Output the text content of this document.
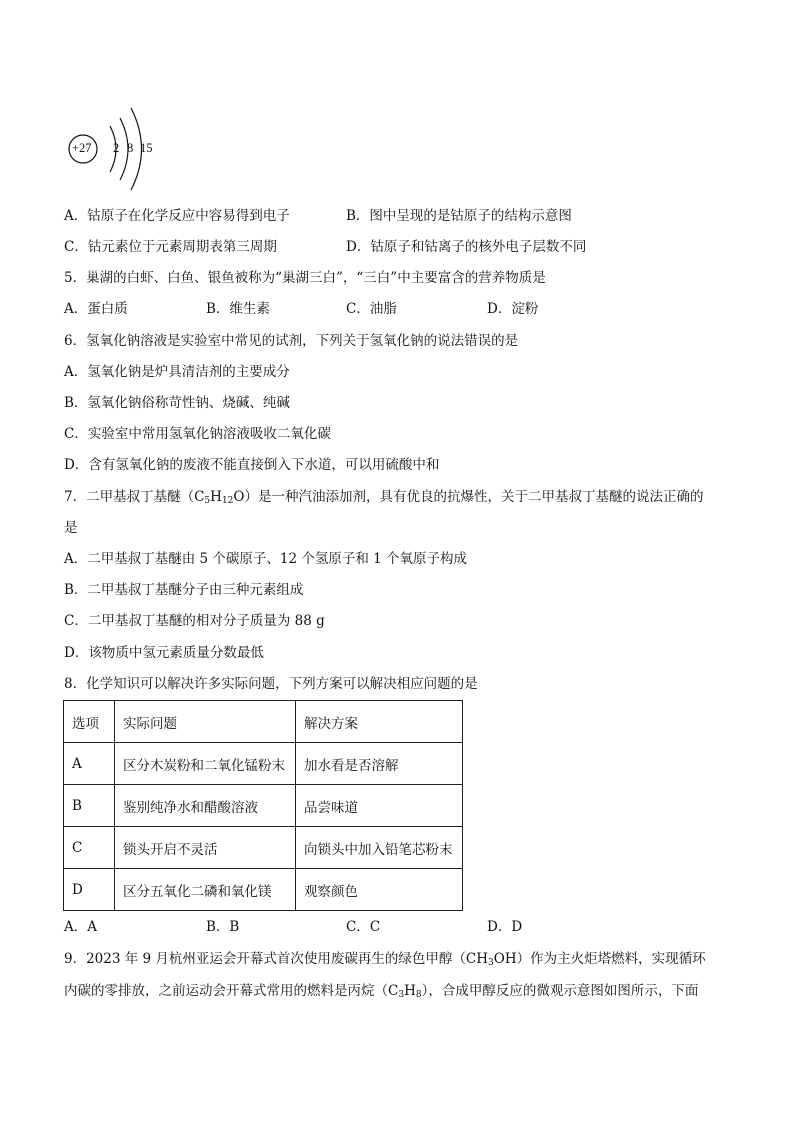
+27 2 8 15
A．钴原子在化学反应中容易得到电子	B．图中呈现的是钴原子的结构示意图
C．钴元素位于元素周期表第三周期	D．钴原子和钴离子的核外电子层数不同
5．巢湖的白虾、白鱼、银鱼被称为“巢湖三白”，“三白”中主要富含的营养物质是
A．蛋白质	B．维生素	C．油脂	D．淀粉
6．氢氧化钠溶液是实验室中常见的试剂，下列关于氢氧化钠的说法错误的是
A．氢氧化钠是炉具清洁剂的主要成分
B．氢氧化钠俗称苛性钠、烧碱、纯碱
C．实验室中常用氢氧化钠溶液吸收二氧化碳
D．含有氢氧化钠的废液不能直接倒入下水道，可以用硫酸中和
7．二甲基叔丁基醚$(C_5H_{12}O)$是一种汽油添加剂，具有优良的抗爆性，关于二甲基叔丁基醚的说法正确的
是
A．二甲基叔丁基醚由 5 个碳原子、12 个氢原子和 1 个氧原子构成
B．二甲基叔丁基醚分子由三种元素组成
C．二甲基叔丁基醚的相对分子质量为 88 g
D．该物质中氢元素质量分数最低
8．化学知识可以解决许多实际问题，下列方案可以解决相应问题的是
选项	实际问题	解决方案
A	区分木炭粉和二氧化锰粉末	加水看是否溶解
B	鉴别纯净水和醋酸溶液	品尝味道
C	锁头开启不灵活	向锁头中加入铅笔芯粉末
D	区分五氧化二磷和氧化镁	观察颜色
A．A	B．B	C．C	D．D
9．2023 年 9 月杭州亚运会开幕式首次使用废碳再生的绿色甲醇$(CH_3OH)$作为主火炬塔燃料，实现循环
内碳的零排放，之前运动会开幕式常用的燃料是丙烷$(C_3H_8)$，合成甲醇反应的微观示意图如图所示，下面
